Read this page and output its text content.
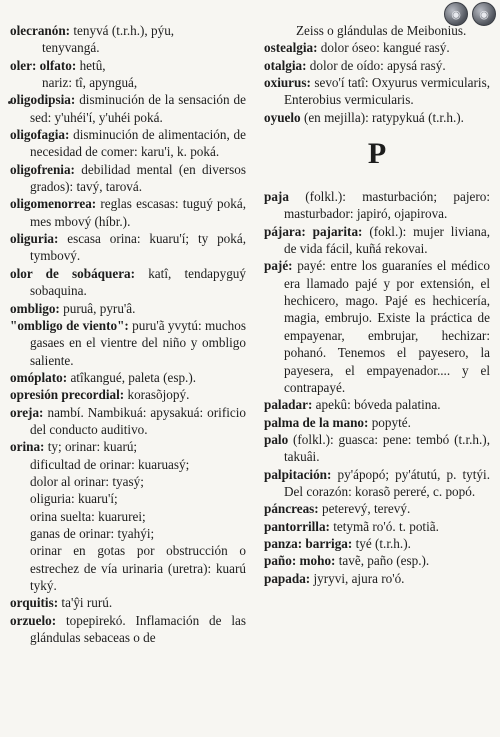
◉	◉
olecranón: tenyvá (t.r.h.), pýu,
tenyvangá.
oler: olfato: hetû,
nariz: tî, apynguá,
oligodipsia: disminución de la sensación de sed: y'uhéi'í, y'uhéi poká.
oligofagia: disminución de alimentación, de necesidad de comer: karu'i, k. poká.
oligofrenia: debilidad mental (en diversos grados): tavý, tarová.
oligomenorrea: reglas escasas: tuguý poká, mes mbový (híbr.).
oliguria: escasa orina: kuaru'í; ty poká, tymbový.
olor de sobáquera: katî, tendapyguý sobaquina.
ombligo: puruâ, pyru'â.
"ombligo de viento": puru'ã yvytú: muchos gasaes en el vientre del niño y ombligo saliente.
omóplato: atîkangué, paleta (esp.).
opresión precordial: korasõjopý.
oreja: nambí. Nambikuá: apysakuá: orificio del conducto auditivo.
orina: ty; orinar: kuarú;
dificultad de orinar: kuaruasý;
dolor al orinar: tyasý;
oliguria: kuaru'í;
orina suelta: kuarurei;
ganas de orinar: tyahýi;
orinar en gotas por obstrucción o estrechez de vía urinaria (uretra): kuarú tyký.
orquitis: ta'ŷi rurú.
orzuelo: topepirekó. Inflamación de las glándulas sebaceas o de
Zeiss o glándulas de Meibonius.
ostealgia: dolor óseo: kangué rasý.
otalgia: dolor de oído: apysá rasý.
oxiurus: sevo'í tatî: Oxyurus vermicularis, Enterobius vermicularis.
oyuelo (en mejilla): ratypykuá (t.r.h.).
P
paja (folkl.): masturbación; pajero: masturbador: japiró, ojapirova.
pájara: pajarita: (fokl.): mujer liviana, de vida fácil, kuñá rekovai.
pajé: payé: entre los guaraníes el médico era llamado pajé y por extensión, el hechicero, mago. Pajé es hechicería, magia, embrujo. Existe la práctica de empayenar, embrujar, hechizar: pohanó. Tenemos el payesero, la payesera, el empayenador.... y el contrapayé.
paladar: apekû: bóveda palatina.
palma de la mano: popyté.
palo (folkl.): guasca: pene: tembó (t.r.h.), takuâi.
palpitación: py'ápopó; py'átutú, p. tytýi. Del corazón: korasõ pereré, c. popó.
páncreas: peterevý, terevý.
pantorrilla: tetymã ro'ó. t. potiã.
panza: barriga: tyé (t.r.h.).
paño: moho: tavẽ, paño (esp.).
papada: jyryvi, ajura ro'ó.
